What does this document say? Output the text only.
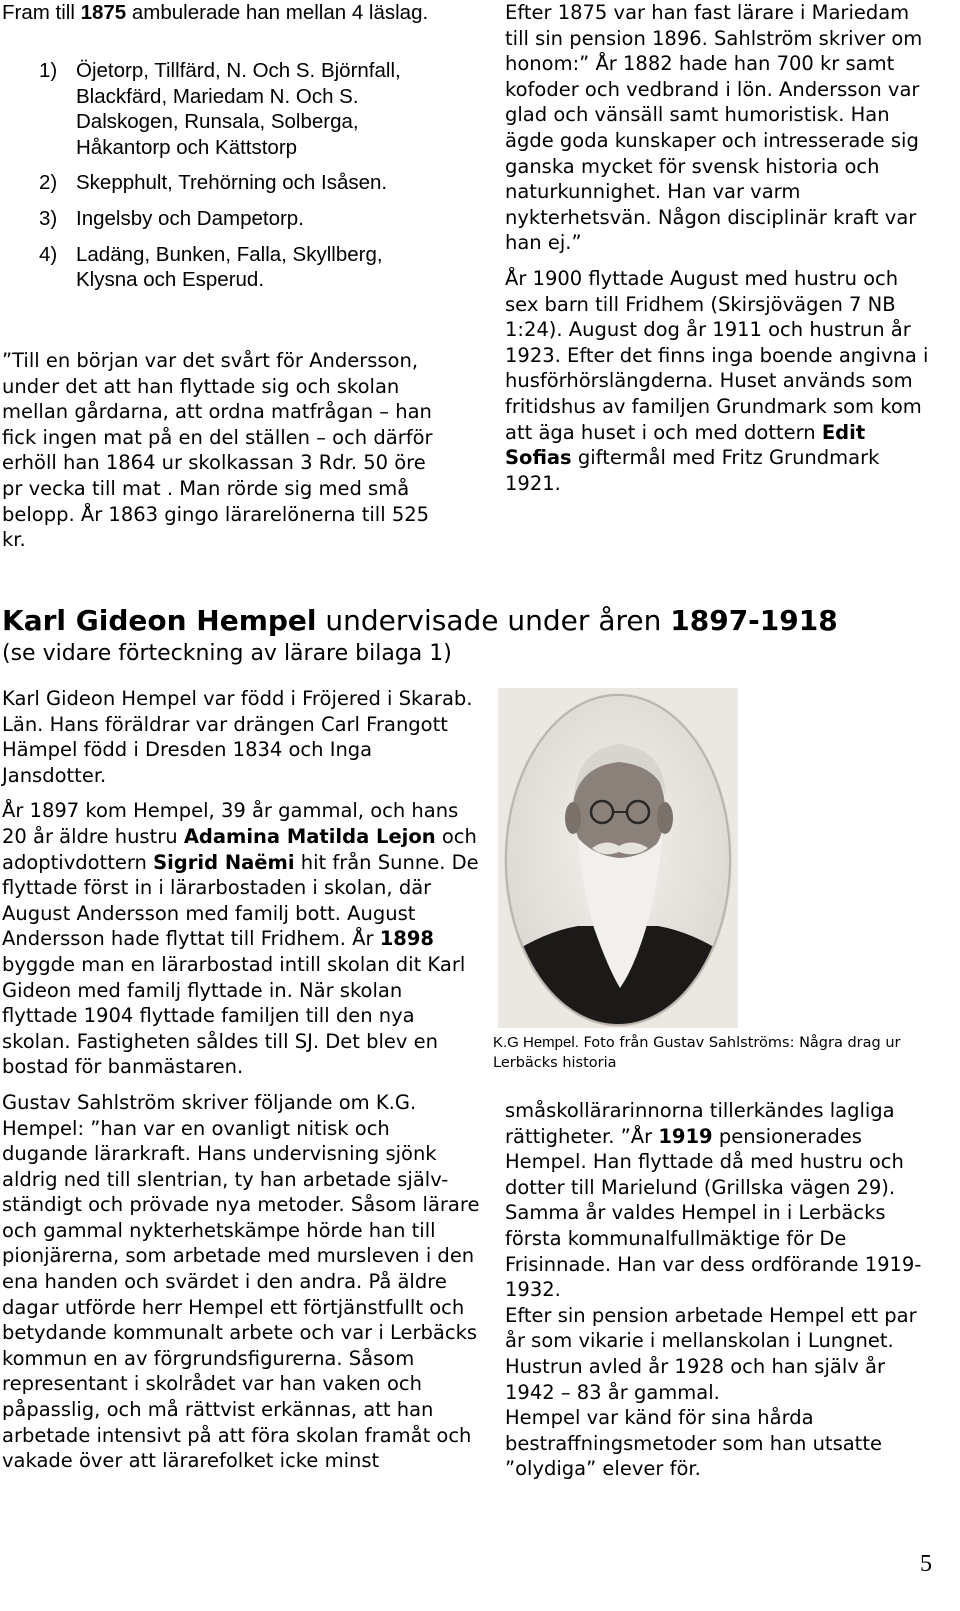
Fram till 1875 ambulerade han mellan 4 läslag.

1) Öjetorp, Tillfärd, N. Och S. Björnfall, Blackfärd, Mariedam N. Och S. Dalskogen, Runsala, Solberga, Håkantorp och Kättstorp
2) Skepphult, Trehörning och Isåsen.
3) Ingelsby och Dampetorp.
4) Ladäng, Bunken, Falla, Skyllberg, Klysna och Esperud.

”Till en början var det svårt för Andersson, under det att han flyttade sig och skolan mellan gårdarna, att ordna matfrågan – han fick ingen mat på en del ställen – och därför erhöll han 1864 ur skolkassan 3 Rdr. 50 öre pr vecka till mat . Man rörde sig med små belopp. År 1863 gingo lärarelönerna till 525 kr.

Efter 1875 var han fast lärare i Mariedam till sin pension 1896. Sahlström skriver om honom:” År 1882 hade han 700 kr samt kofoder och vedbrand i lön. Andersson var glad och vänsäll samt humoristisk. Han ägde goda kunskaper och intresserade sig ganska mycket för svensk historia och naturkunnighet. Han var varm nykterhetsvän. Någon disciplinär kraft var han ej.”

År 1900 flyttade August med hustru och sex barn till Fridhem (Skirsjövägen 7 NB 1:24). August dog år 1911 och hustrun år 1923. Efter det finns inga boende angivna i husförhörslängderna. Huset används som fritidshus av familjen Grundmark som kom att äga huset i och med dottern Edit Sofias giftermål med Fritz Grundmark 1921.

Karl Gideon Hempel undervisade under åren 1897-1918
(se vidare förteckning av lärare bilaga 1)

Karl Gideon Hempel var född i Fröjered i Skarab. Län. Hans föräldrar var drängen Carl Frangott Hämpel född i Dresden 1834 och Inga Jansdotter.

År 1897 kom Hempel, 39 år gammal, och hans 20 år äldre hustru Adamina Matilda Lejon och adoptivdottern Sigrid Naëmi hit från Sunne. De flyttade först in i lärarbostaden i skolan, där August Andersson med familj bott. August Andersson hade flyttat till Fridhem. År 1898 byggde man en lärarbostad intill skolan dit Karl Gideon med familj flyttade in. När skolan flyttade 1904 flyttade familjen till den nya skolan. Fastigheten såldes till SJ. Det blev en bostad för banmästaren.

Gustav Sahlström skriver följande om K.G. Hempel: ”han var en ovanligt nitisk och dugande lärarkraft. Hans undervisning sjönk aldrig ned till slentrian, ty han arbetade själv-ständigt och prövade nya metoder. Såsom lärare och gammal nykterhetskämpe hörde han till pionjärerna, som arbetade med mursleven i den ena handen och svärdet i den andra. På äldre dagar utförde herr Hempel ett förtjänstfullt och betydande kommunalt arbete och var i Lerbäcks kommun en av förgrundsfigurerna. Såsom representant i skolrådet var han vaken och påpasslig, och må rättvist erkännas, att han arbetade intensivt på att föra skolan framåt och vakade över att lärarefolket icke minst

K.G Hempel. Foto från Gustav Sahlströms: Några drag ur Lerbäcks historia

småskollärarinnorna tillerkändes lagliga rättigheter. ”År 1919 pensionerades Hempel. Han flyttade då med hustru och dotter till Marielund (Grillska vägen 29). Samma år valdes Hempel in i Lerbäcks första kommunalfullmäktige för De Frisinnade. Han var dess ordförande 1919-1932.

Efter sin pension arbetade Hempel ett par år som vikarie i mellanskolan i Lungnet.

Hustrun avled år 1928 och han själv år 1942 – 83 år gammal.

Hempel var känd för sina hårda bestraffningsmetoder som han utsatte ”olydiga” elever för.

5
